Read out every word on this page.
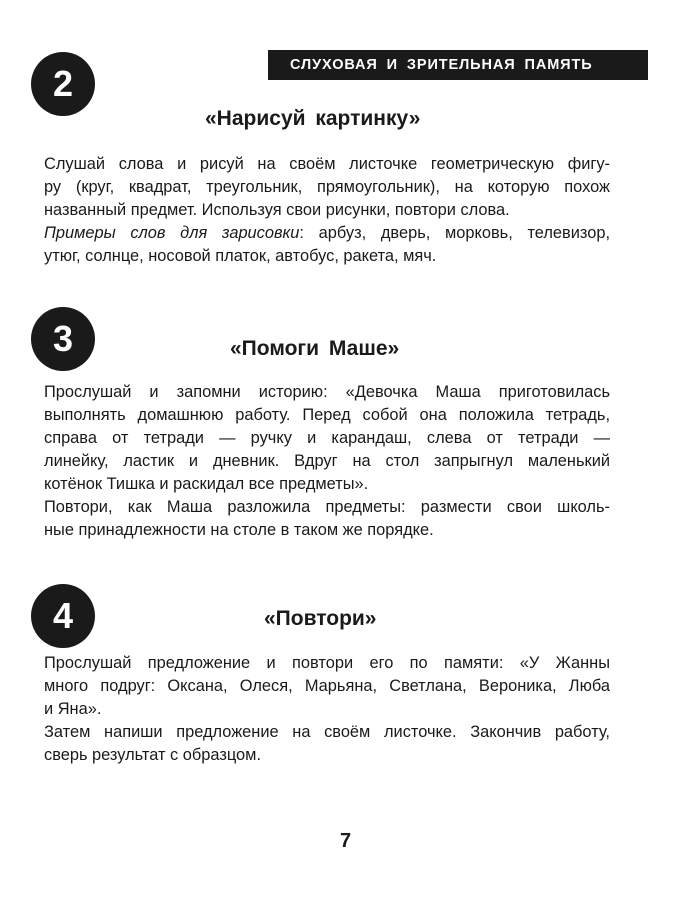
СЛУХОВАЯ И ЗРИТЕЛЬНАЯ ПАМЯТЬ
2
«Нарисуй картинку»
Слушай слова и рисуй на своём листочке геометрическую фигу-
ру (круг, квадрат, треугольник, прямоугольник), на которую похож
названный предмет. Используя свои рисунки, повтори слова.
Примеры слов для зарисовки: арбуз, дверь, морковь, телевизор,
утюг, солнце, носовой платок, автобус, ракета, мяч.
3	«Помоги Маше»
Прослушай и запомни историю: «Девочка Маша приготовилась
выполнять домашнюю работу. Перед собой она положила тетрадь,
справа от тетради — ручку и карандаш, слева от тетради —
линейку, ластик и дневник. Вдруг на стол запрыгнул маленький
котёнок Тишка и раскидал все предметы».
Повтори, как Маша разложила предметы: размести свои школь-
ные принадлежности на столе в таком же порядке.
4	«Повтори»
Прослушай предложение и повтори его по памяти: «У Жанны
много подруг: Оксана, Олеся, Марьяна, Светлана, Вероника, Люба
и Яна».
Затем напиши предложение на своём листочке. Закончив работу,
сверь результат с образцом.
7
